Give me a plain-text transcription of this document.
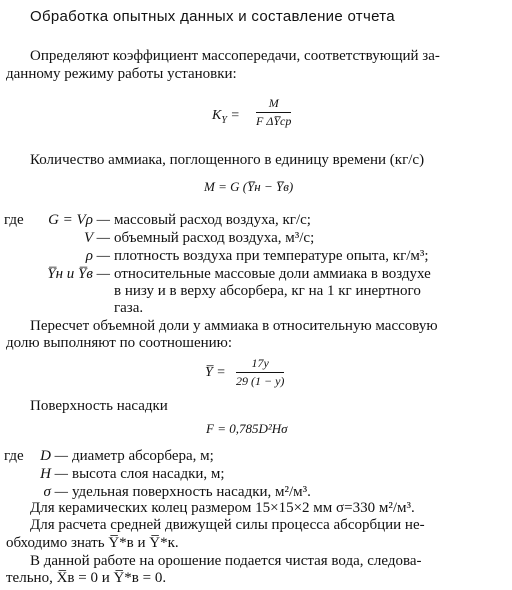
Обработка опытных данных и составление отчета
Определяют коэффициент массопередачи, соответствующий за-
данному режиму работы установки:
$K_Y = \frac{M}{\text{F ΔY̅cp}}$
Количество аммиака, поглощенного в единицу времени (кг/с)
M = G (Y̅н − Y̅в)
где	G = Vρ — массовый расход воздуха, кг/с;
V — объемный расход воздуха, м³/с;
ρ — плотность воздуха при температуре опыта, кг/м³;
Y̅н и Y̅в — относительные массовые доли аммиака в воздухе
в низу и в верху абсорбера, кг на 1 кг инертного
газа.
Пересчет объемной доли y аммиака в относительную массовую
долю выполняют по соотношению:
Y̅ = $\frac{17y}{29 (1 - y)}$
Поверхность насадки
F = 0,785D²Hσ
где	D — диаметр абсорбера, м;
H — высота слоя насадки, м;
σ — удельная поверхность насадки, м²/м³.
Для керамических колец размером 15×15×2 мм σ=330 м²/м³.
Для расчета средней движущей силы процесса абсорбции не-
обходимо знать Y̅*в и Y̅*к.
В данной работе на орошение подается чистая вода, следова-
тельно, X̅в = 0 и Y̅*в = 0.
